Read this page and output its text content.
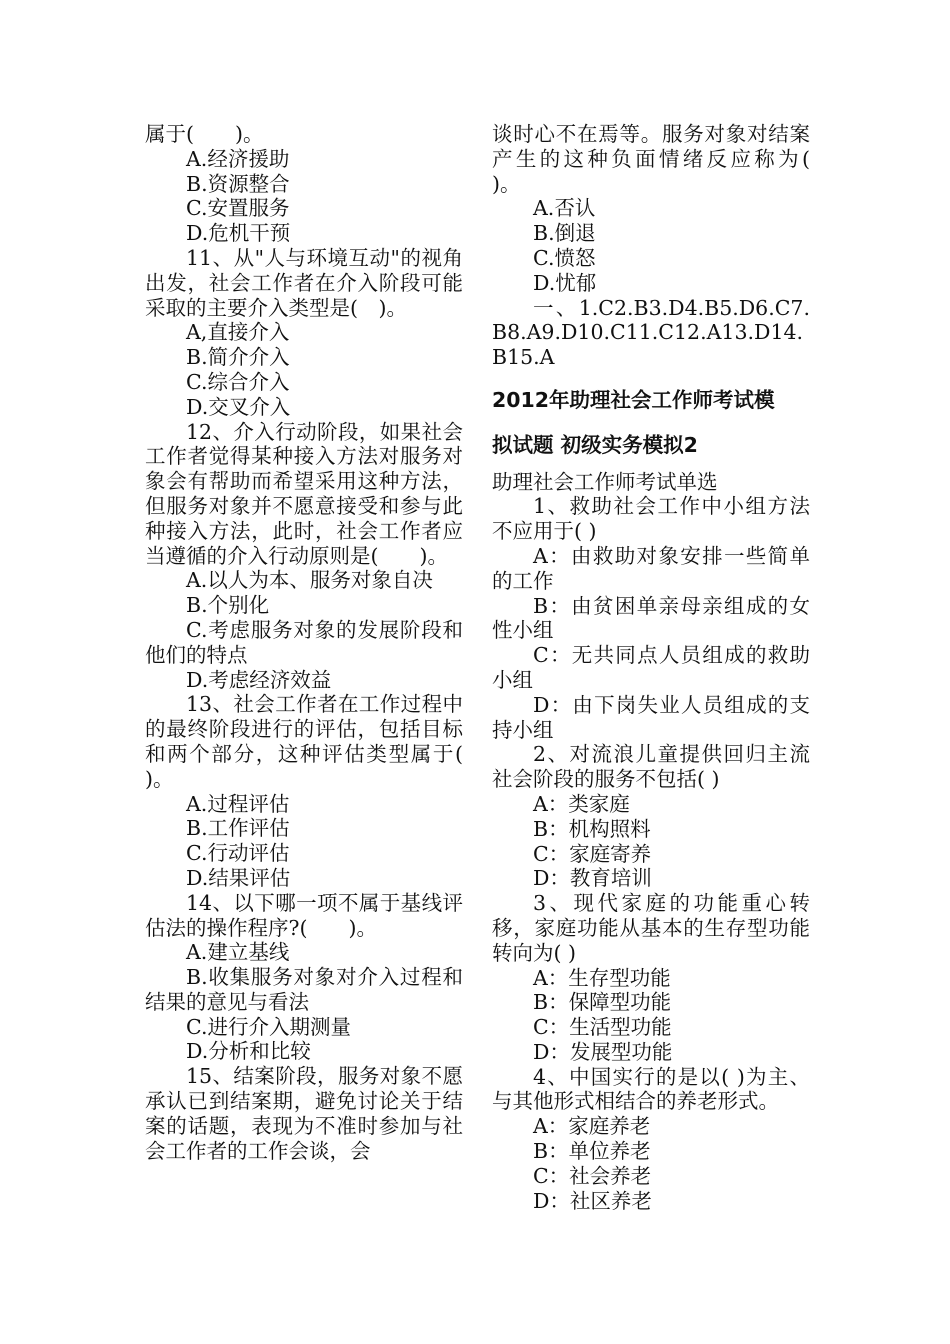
属于(　　)。

A.经济援助

B.资源整合

C.安置服务

D.危机干预

11、从"人与环境互动"的视角出发，社会工作者在介入阶段可能采取的主要介入类型是(　)。

A,直接介入

B.简介介入

C.综合介入

D.交叉介入

12、介入行动阶段，如果社会工作者觉得某种接入方法对服务对象会有帮助而希望采用这种方法，但服务对象并不愿意接受和参与此种接入方法，此时，社会工作者应当遵循的介入行动原则是(　　)。

A.以人为本、服务对象自决

B.个别化

C.考虑服务对象的发展阶段和他们的特点

D.考虑经济效益

13、社会工作者在工作过程中的最终阶段进行的评估，包括目标和两个部分，这种评估类型属于(　　)。

A.过程评估

B.工作评估

C.行动评估

D.结果评估

14、以下哪一项不属于基线评估法的操作程序?(　　)。

A.建立基线

B.收集服务对象对介入过程和结果的意见与看法

C.进行介入期测量

D.分析和比较

15、结案阶段，服务对象不愿承认已到结案期，避免讨论关于结案的话题，表现为不准时参加与社会工作者的工作会谈，会

谈时心不在焉等。服务对象对结案产生的这种负面情绪反应称为(　　)。

A.否认

B.倒退

C.愤怒

D.忧郁

一、1.C2.B3.D4.B5.D6.C7.B8.A9.D10.C11.C12.A13.D14.B15.A

2012年助理社会工作师考试模
拟试题 初级实务模拟2

助理社会工作师考试单选

1、救助社会工作中小组方法不应用于( )

A：由救助对象安排一些简单的工作

B：由贫困单亲母亲组成的女性小组

C：无共同点人员组成的救助小组

D：由下岗失业人员组成的支持小组

2、对流浪儿童提供回归主流社会阶段的服务不包括( )

A：类家庭

B：机构照料

C：家庭寄养

D：教育培训

3、现代家庭的功能重心转移，家庭功能从基本的生存型功能转向为( )

A：生存型功能

B：保障型功能

C：生活型功能

D：发展型功能

4、中国实行的是以( )为主、与其他形式相结合的养老形式。

A：家庭养老

B：单位养老

C：社会养老

D：社区养老
